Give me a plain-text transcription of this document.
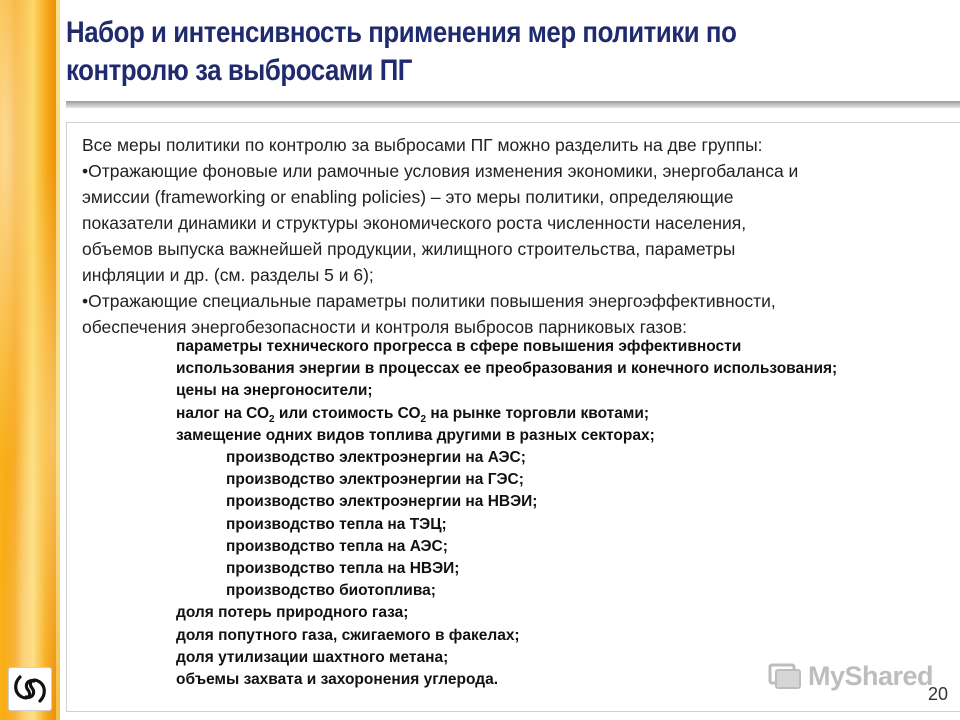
Набор и интенсивность применения мер политики по
контролю за выбросами ПГ

Все меры политики по контролю за выбросами ПГ можно разделить на две группы:

•Отражающие фоновые или рамочные условия изменения экономики, энергобаланса и

эмиссии (frameworking or enabling policies) – это меры политики, определяющие

показатели динамики и структуры экономического роста численности населения,

объемов выпуска важнейшей продукции, жилищного строительства, параметры

инфляции и др. (см. разделы 5 и 6);

•Отражающие специальные параметры политики повышения энергоэффективности,

обеспечения энергобезопасности и контроля выбросов парниковых газов:

параметры технического прогресса в сфере повышения эффективности
использования энергии в процессах ее преобразования и конечного использования;
цены на энергоносители;
налог на $СО_2$ или стоимость $СО_2$ на рынке торговли квотами;
замещение одних видов топлива другими в разных секторах;
производство электроэнергии на АЭС;
производство электроэнергии на ГЭС;
производство электроэнергии на НВЭИ;
производство тепла на ТЭЦ;
производство тепла на АЭС;
производство тепла на НВЭИ;
производство биотоплива;
доля потерь природного газа;
доля попутного газа, сжигаемого в факелах;
доля утилизации шахтного метана;
объемы захвата и захоронения углерода.	MyShared
20
